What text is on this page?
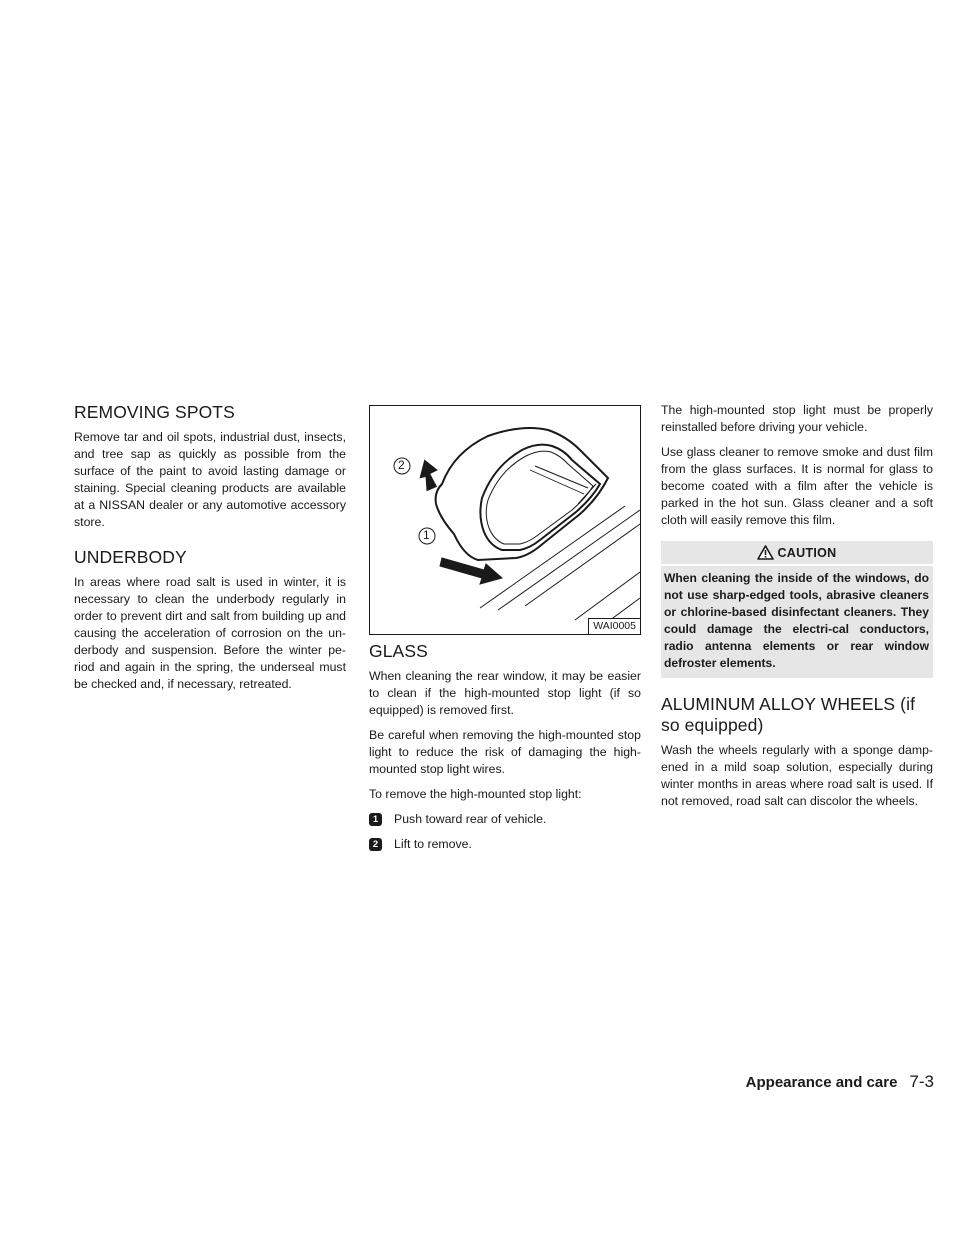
REMOVING SPOTS

Remove tar and oil spots, industrial dust, insects, and tree sap as quickly as possible from the surface of the paint to avoid lasting damage or staining. Special cleaning products are available at a NISSAN dealer or any automotive accessory store.

UNDERBODY

In areas where road salt is used in winter, it is necessary to clean the underbody regularly in order to prevent dirt and salt from building up and causing the acceleration of corrosion on the un-derbody and suspension. Before the winter pe-riod and again in the spring, the underseal must be checked and, if necessary, retreated.

2
1
WAI0005
GLASS

When cleaning the rear window, it may be easier to clean if the high-mounted stop light (if so equipped) is removed first.

Be careful when removing the high-mounted stop light to reduce the risk of damaging the high-mounted stop light wires.

To remove the high-mounted stop light:

1	Push toward rear of vehicle.
2	Lift to remove.

The high-mounted stop light must be properly reinstalled before driving your vehicle.

Use glass cleaner to remove smoke and dust film from the glass surfaces. It is normal for glass to become coated with a film after the vehicle is parked in the hot sun. Glass cleaner and a soft cloth will easily remove this film.

CAUTION

When cleaning the inside of the windows, do not use sharp-edged tools, abrasive cleaners or chlorine-based disinfectant cleaners. They could damage the electri-cal conductors, radio antenna elements or rear window defroster elements.

ALUMINUM ALLOY WHEELS (if so equipped)

Wash the wheels regularly with a sponge damp-ened in a mild soap solution, especially during winter months in areas where road salt is used. If not removed, road salt can discolor the wheels.

Appearance and care 7-3
